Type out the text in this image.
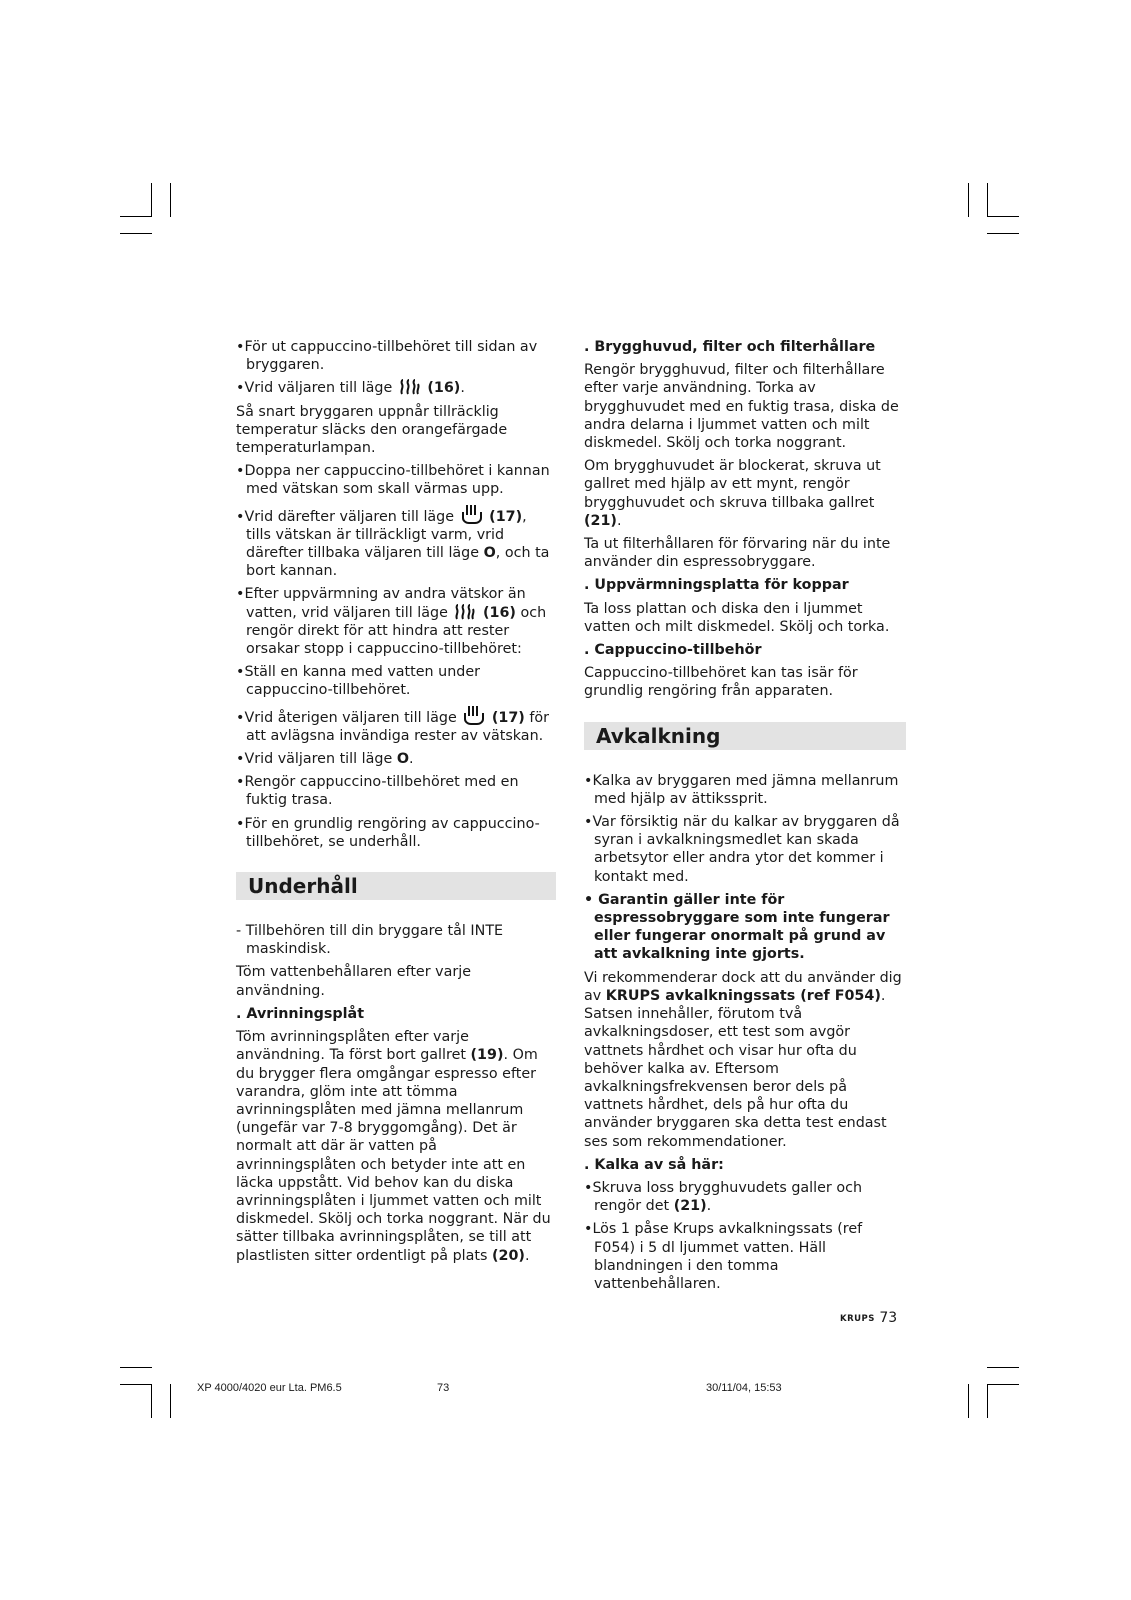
•För ut cappuccino-tillbehöret till sidan av bryggaren.

•Vrid väljaren till läge (16).

Så snart bryggaren uppnår tillräcklig temperatur släcks den orangefärgade temperaturlampan.

•Doppa ner cappuccino-tillbehöret i kannan med vätskan som skall värmas upp.

•Vrid därefter väljaren till läge (17), tills vätskan är tillräckligt varm, vrid därefter tillbaka väljaren till läge O, och ta bort kannan.

•Efter uppvärmning av andra vätskor än vatten, vrid väljaren till läge (16) och rengör direkt för att hindra att rester orsakar stopp i cappuccino-tillbehöret:

•Ställ en kanna med vatten under cappuccino-tillbehöret.

•Vrid återigen väljaren till läge (17) för att avlägsna invändiga rester av vätskan.

•Vrid väljaren till läge O.

•Rengör cappuccino-tillbehöret med en fuktig trasa.

•För en grundlig rengöring av cappuccino-tillbehöret, se underhåll.

Underhåll

- Tillbehören till din bryggare tål INTE maskindisk.

Töm vattenbehållaren efter varje användning.

. Avrinningsplåt

Töm avrinningsplåten efter varje användning. Ta först bort gallret (19). Om du brygger flera omgångar espresso efter varandra, glöm inte att tömma avrinningsplåten med jämna mellanrum (ungefär var 7-8 bryggomgång). Det är normalt att där är vatten på avrinningsplåten och betyder inte att en läcka uppstått. Vid behov kan du diska avrinningsplåten i ljummet vatten och milt diskmedel. Skölj och torka noggrant. När du sätter tillbaka avrinningsplåten, se till att plastlisten sitter ordentligt på plats (20).

. Brygghuvud, filter och filterhållare

Rengör brygghuvud, filter och filterhållare efter varje användning. Torka av brygghuvudet med en fuktig trasa, diska de andra delarna i ljummet vatten och milt diskmedel. Skölj och torka noggrant.

Om brygghuvudet är blockerat, skruva ut gallret med hjälp av ett mynt, rengör brygghuvudet och skruva tillbaka gallret (21).

Ta ut filterhållaren för förvaring när du inte använder din espressobryggare.

. Uppvärmningsplatta för koppar

Ta loss plattan och diska den i ljummet vatten och milt diskmedel. Skölj och torka.

. Cappuccino-tillbehör

Cappuccino-tillbehöret kan tas isär för grundlig rengöring från apparaten.

Avkalkning

•Kalka av bryggaren med jämna mellanrum med hjälp av ättikssprit.

•Var försiktig när du kalkar av bryggaren då syran i avkalkningsmedlet kan skada arbetsytor eller andra ytor det kommer i kontakt med.

• Garantin gäller inte för espressobryggare som inte fungerar eller fungerar onormalt på grund av att avkalkning inte gjorts.

Vi rekommenderar dock att du använder dig av KRUPS avkalkningssats (ref F054). Satsen innehåller, förutom två avkalkningsdoser, ett test som avgör vattnets hårdhet och visar hur ofta du behöver kalka av. Eftersom avkalkningsfrekvensen beror dels på vattnets hårdhet, dels på hur ofta du använder bryggaren ska detta test endast ses som rekommendationer.

. Kalka av så här:

•Skruva loss brygghuvudets galler och rengör det (21).

•Lös 1 påse Krups avkalkningssats (ref F054) i 5 dl ljummet vatten. Häll blandningen i den tomma vattenbehållaren.

KRUPS 73
XP 4000/4020 eur Lta. PM6.5	73	30/11/04, 15:53
